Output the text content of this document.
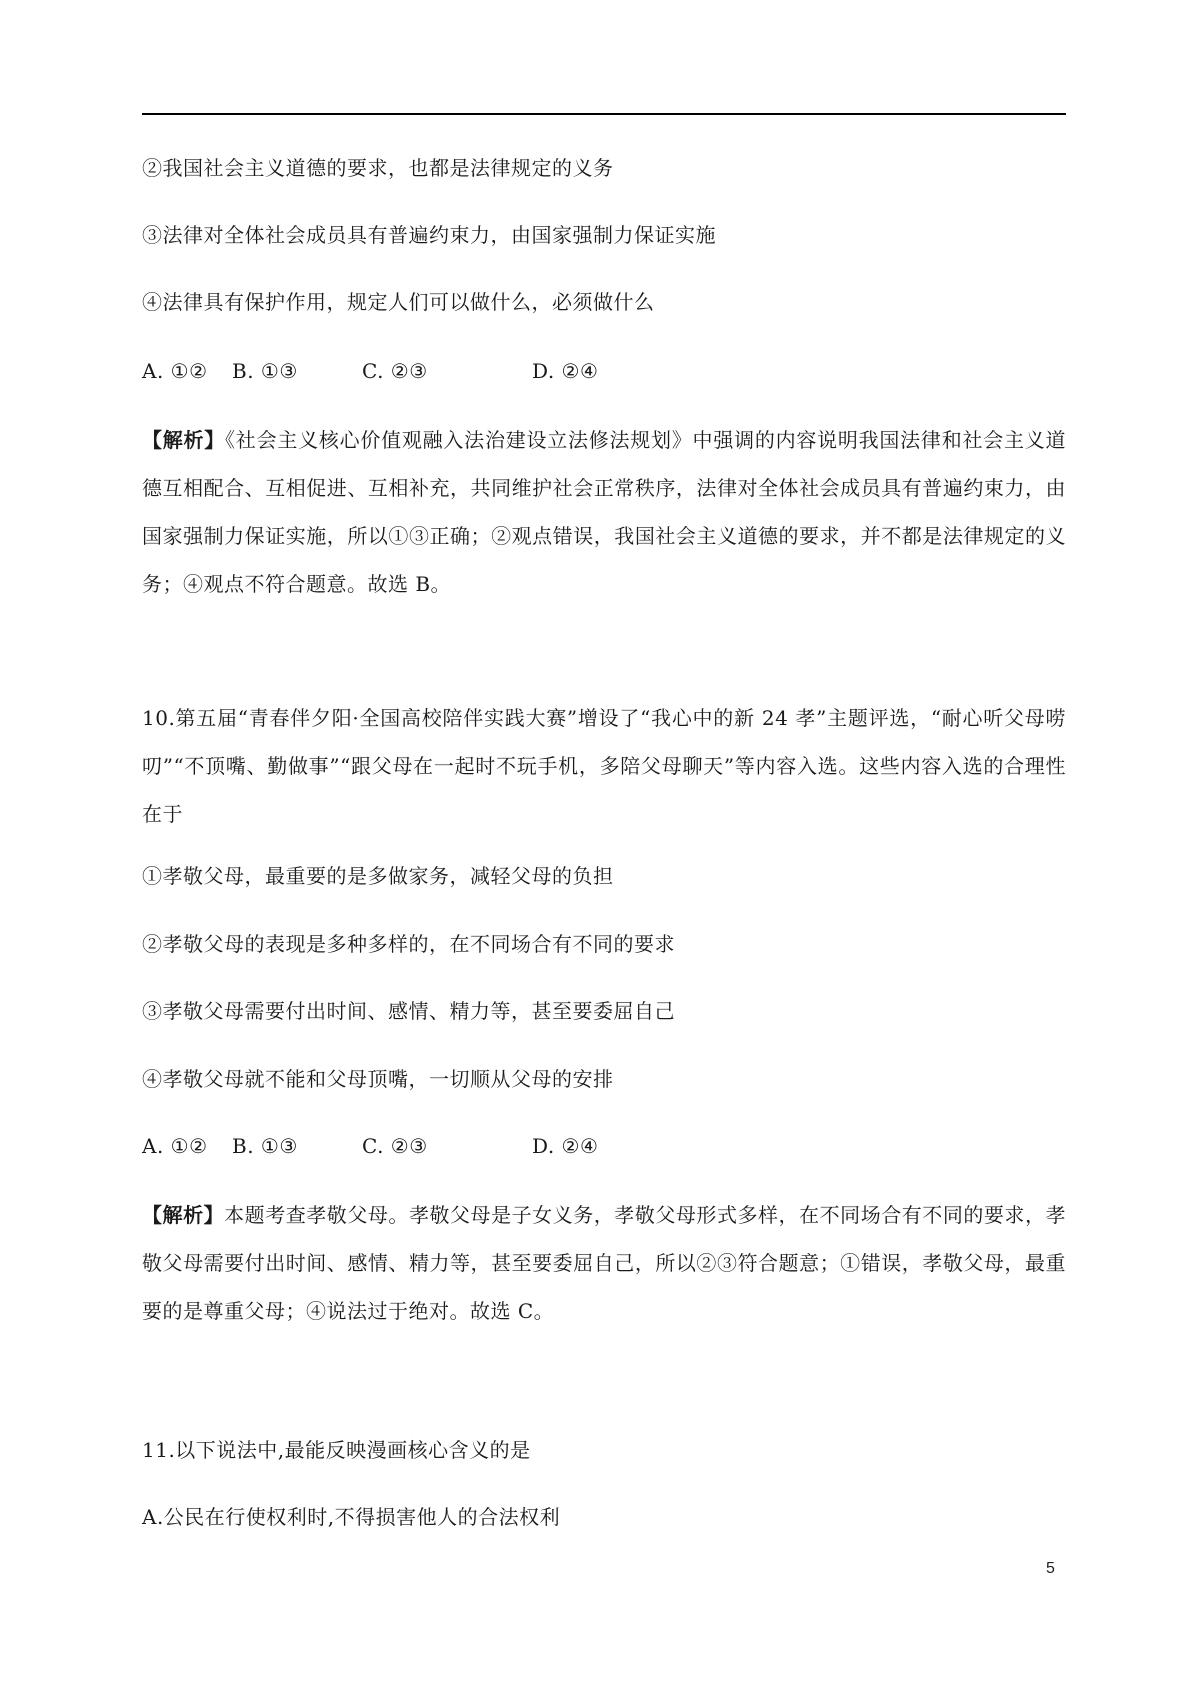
②我国社会主义道德的要求，也都是法律规定的义务
③法律对全体社会成员具有普遍约束力，由国家强制力保证实施
④法律具有保护作用，规定人们可以做什么，必须做什么
A. ①② B. ①③	C. ②③	D. ②④
【解析】《社会主义核心价值观融入法治建设立法修法规划》中强调的内容说明我国法律和社会主义道德互相配合、互相促进、互相补充，共同维护社会正常秩序，法律对全体社会成员具有普遍约束力，由国家强制力保证实施，所以①③正确；②观点错误，我国社会主义道德的要求，并不都是法律规定的义务；④观点不符合题意。故选 B。
10.第五届“青春伴夕阳·全国高校陪伴实践大赛”增设了“我心中的新 24 孝”主题评选，“耐心听父母唠叨”“不顶嘴、勤做事”“跟父母在一起时不玩手机，多陪父母聊天”等内容入选。这些内容入选的合理性在于
①孝敬父母，最重要的是多做家务，减轻父母的负担
②孝敬父母的表现是多种多样的，在不同场合有不同的要求
③孝敬父母需要付出时间、感情、精力等，甚至要委屈自己
④孝敬父母就不能和父母顶嘴，一切顺从父母的安排
A. ①② B. ①③	C. ②③	D. ②④
【解析】本题考查孝敬父母。孝敬父母是子女义务，孝敬父母形式多样，在不同场合有不同的要求，孝敬父母需要付出时间、感情、精力等，甚至要委屈自己，所以②③符合题意；①错误，孝敬父母，最重要的是尊重父母；④说法过于绝对。故选 C。
11.以下说法中,最能反映漫画核心含义的是
A.公民在行使权利时,不得损害他人的合法权利
5
